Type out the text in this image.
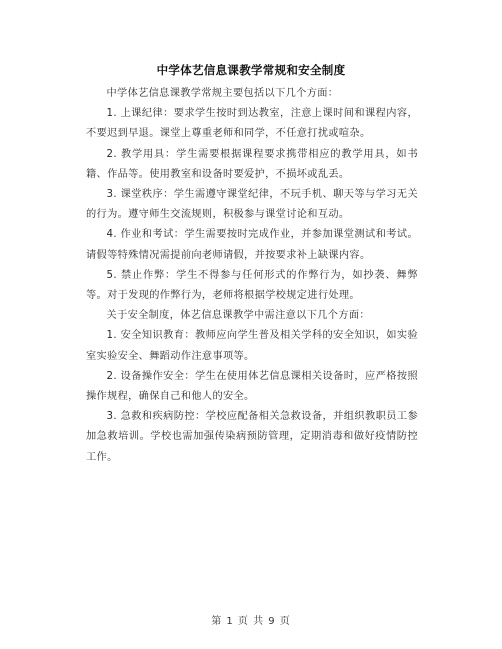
中学体艺信息课教学常规和安全制度

中学体艺信息课教学常规主要包括以下几个方面：

1. 上课纪律：要求学生按时到达教室，注意上课时间和课程内容，不要迟到早退。课堂上尊重老师和同学，不任意打扰或喧杂。

2. 教学用具：学生需要根据课程要求携带相应的教学用具，如书籍、作品等。使用教室和设备时要爱护，不损坏或乱丢。

3. 课堂秩序：学生需遵守课堂纪律，不玩手机、聊天等与学习无关的行为。遵守师生交流规则，积极参与课堂讨论和互动。

4. 作业和考试：学生需要按时完成作业，并参加课堂测试和考试。请假等特殊情况需提前向老师请假，并按要求补上缺课内容。

5. 禁止作弊：学生不得参与任何形式的作弊行为，如抄袭、舞弊等。对于发现的作弊行为，老师将根据学校规定进行处理。

关于安全制度，体艺信息课教学中需注意以下几个方面：

1. 安全知识教育：教师应向学生普及相关学科的安全知识，如实验室实验安全、舞蹈动作注意事项等。

2. 设备操作安全：学生在使用体艺信息课相关设备时，应严格按照操作规程，确保自己和他人的安全。

3. 急救和疾病防控：学校应配备相关急救设备，并组织教职员工参加急救培训。学校也需加强传染病预防管理，定期消毒和做好疫情防控工作。

第 1 页 共 9 页
